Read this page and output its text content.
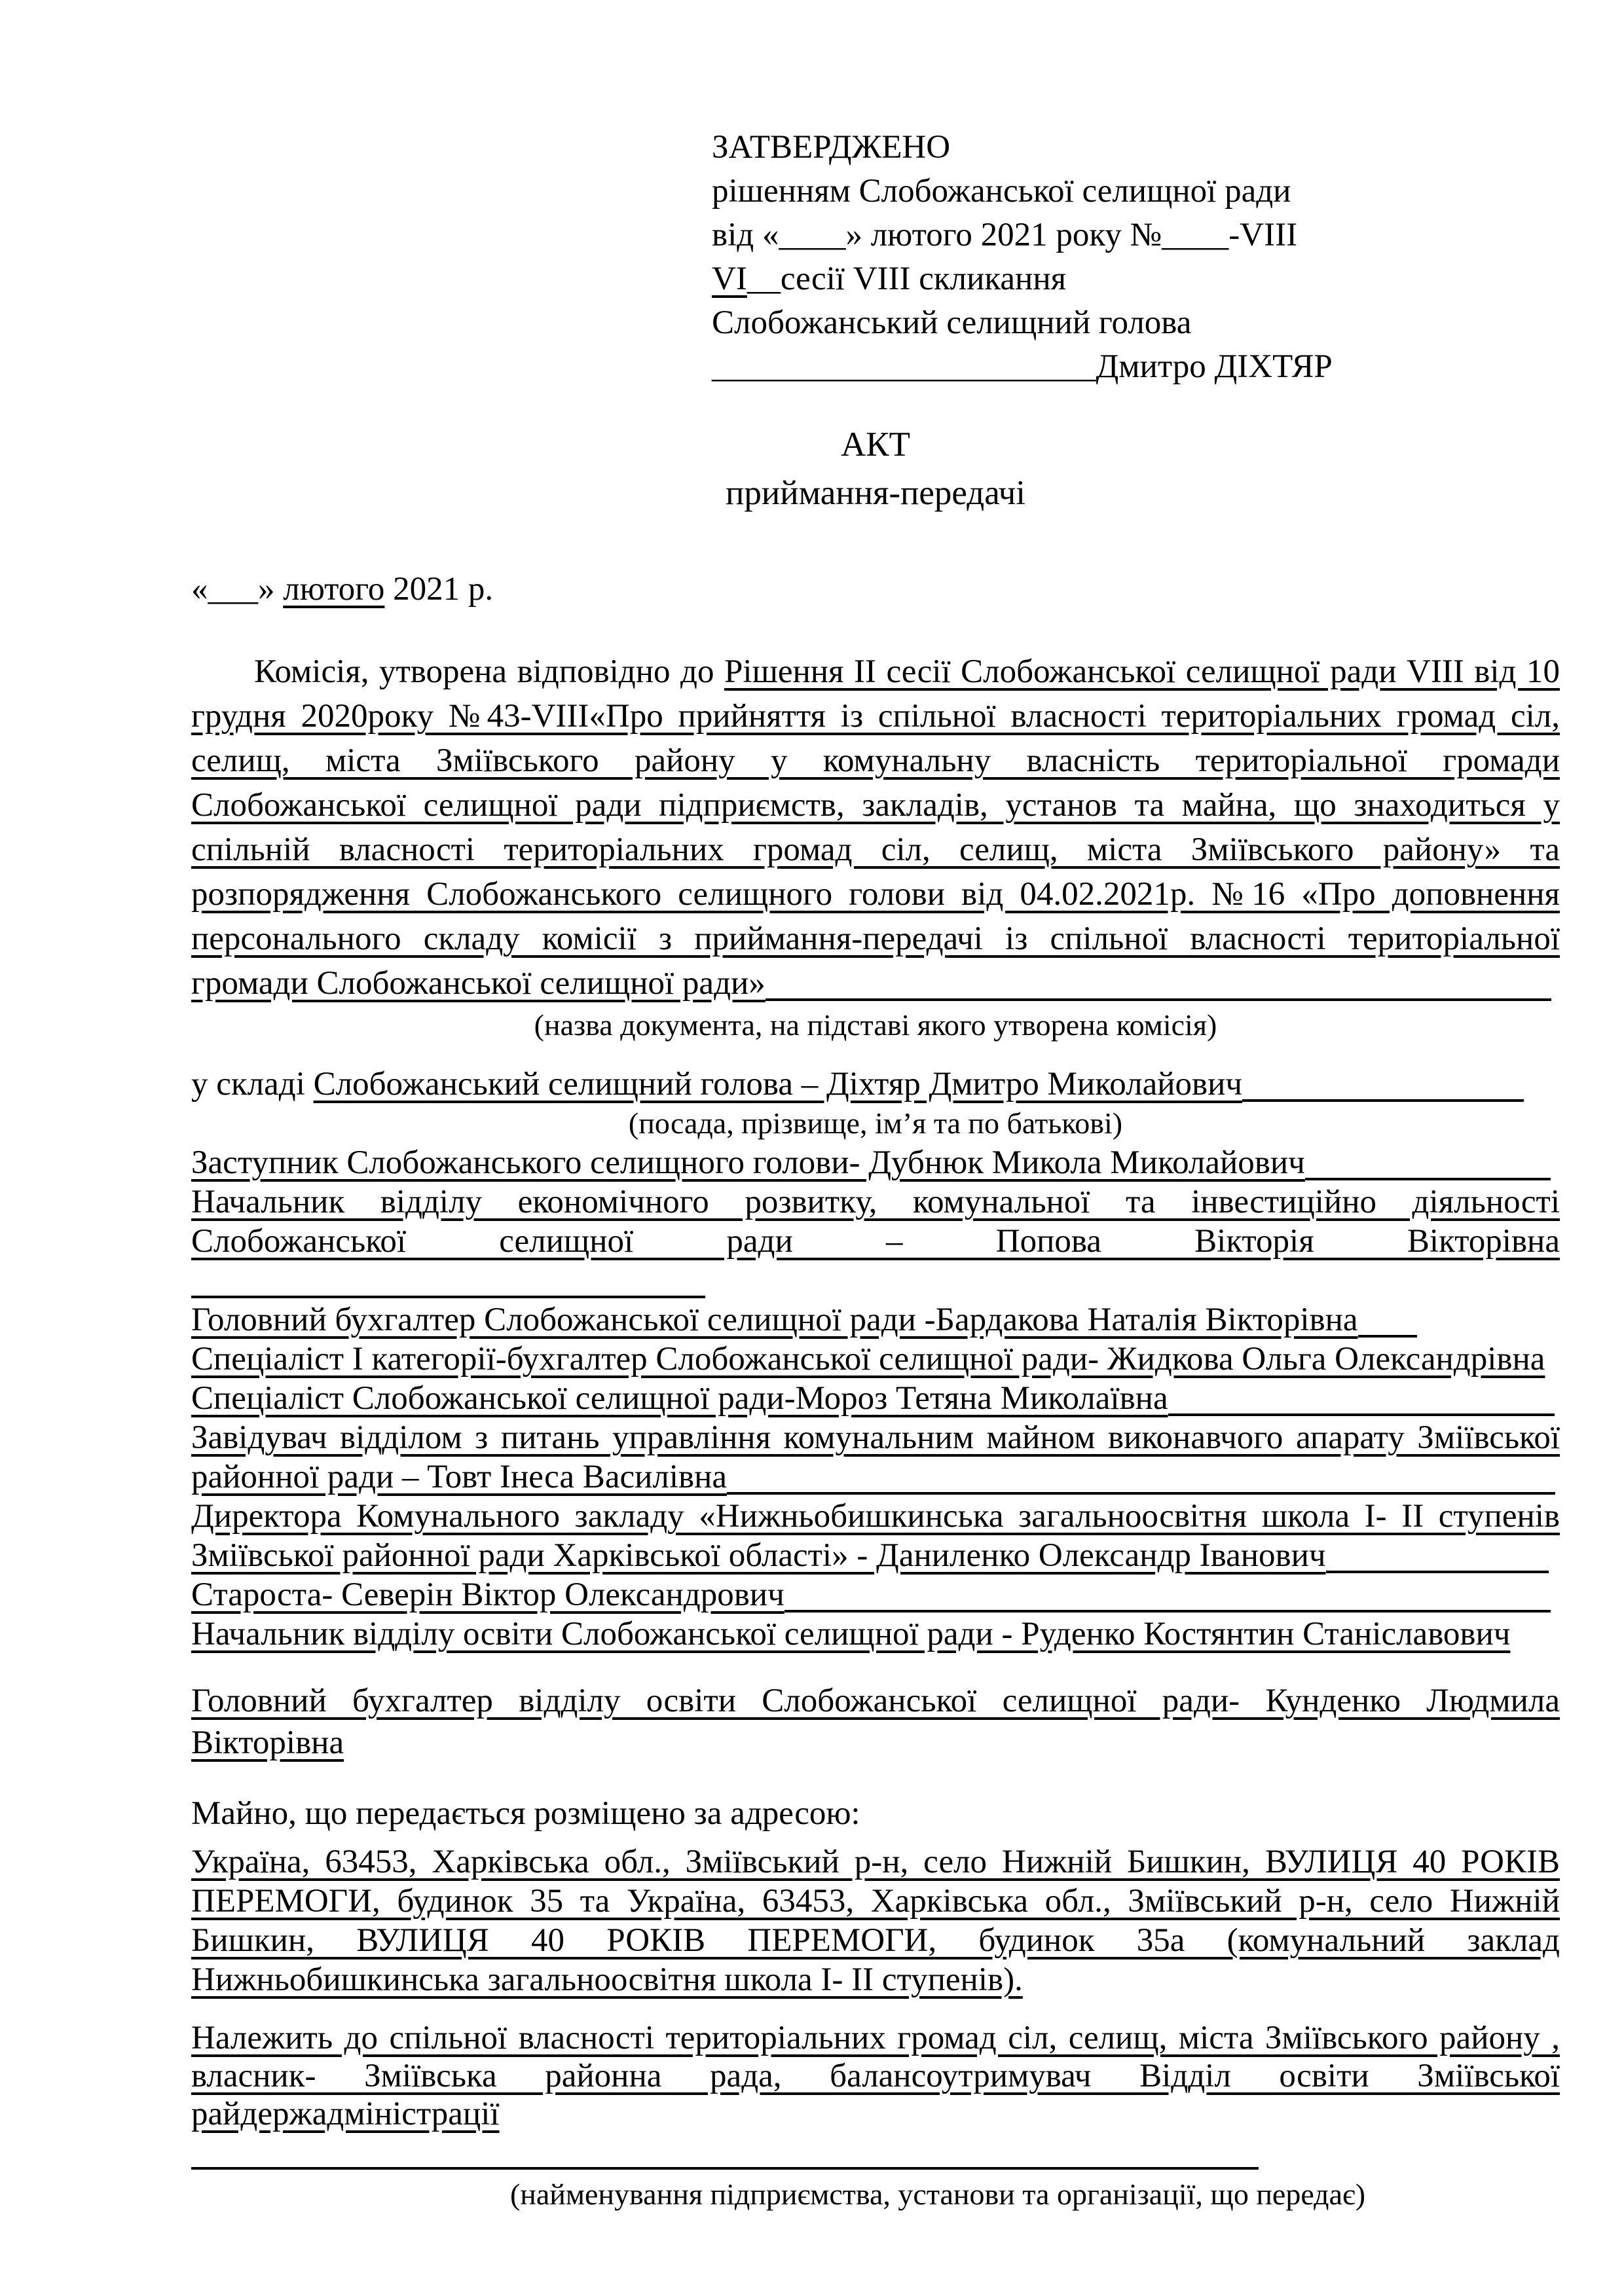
ЗАТВЕРДЖЕНО

рішенням Слобожанської селищної ради

від «____» лютого 2021 року №____-VIII

VI__сесії VIII скликання

Слобожанський селищний голова

_______________________Дмитро ДІХТЯР

АКТ

приймання-передачі

«___» лютого 2021 р.

Комісія, утворена відповідно до Рішення ІІ сесії Слобожанської селищної ради VIII від 10 грудня 2020року №43-VIII«Про прийняття із спільної власності територіальних громад сіл, селищ, міста Зміївського району у комунальну власність територіальної громади Слобожанської селищної ради підприємств, закладів, установ та майна, що знаходиться у спільній власності територіальних громад сіл, селищ, міста Зміївського району» та розпорядження Слобожанського селищного голови від 04.02.2021р. №16 «Про доповнення персонального складу комісії з приймання-передачі із спільної власності територіальної громади Слобожанської селищної ради»

(назва документа, на підставі якого утворена комісія)

у складі Слобожанський селищний голова – Діхтяр Дмитро Миколайович

(посада, прізвище, ім’я та по батькові)

Заступник Слобожанського селищного голови- Дубнюк Микола Миколайович

Начальник відділу економічного розвитку, комунальної та інвестиційно діяльності Слобожанської селищної ради – Попова Вікторія Вікторівна

Головний бухгалтер Слобожанської селищної ради -Бардакова Наталія Вікторівна

Спеціаліст І категорії-бухгалтер Слобожанської селищної ради- Жидкова Ольга Олександрівна

Спеціаліст Слобожанської селищної ради-Мороз Тетяна Миколаївна

Завідувач відділом з питань управління комунальним майном виконавчого апарату Зміївської районної ради – Товт Інеса Василівна

Директора Комунального закладу «Нижньобишкинська загальноосвітня школа І- ІІ ступенів Зміївської районної ради Харківської області» - Даниленко Олександр Іванович

Староста- Северін Віктор Олександрович

Начальник відділу освіти Слобожанської селищної ради - Руденко Костянтин Станіславович

Головний бухгалтер відділу освіти Слобожанської селищної ради- Кунденко Людмила Вікторівна

Майно, що передається розміщено за адресою:

Україна, 63453, Харківська обл., Зміївський р-н, село Нижній Бишкин, ВУЛИЦЯ 40 РОКІВ ПЕРЕМОГИ, будинок 35 та Україна, 63453, Харківська обл., Зміївський р-н, село Нижній Бишкин, ВУЛИЦЯ 40 РОКІВ ПЕРЕМОГИ, будинок 35а (комунальний заклад Нижньобишкинська загальноосвітня школа І- ІІ ступенів).

Належить до спільної власності територіальних громад сіл, селищ, міста Зміївського району , власник- Зміївська районна рада, балансоутримувач Відділ освіти Зміївської райдержадміністрації

(найменування підприємства, установи та організації, що передає)
